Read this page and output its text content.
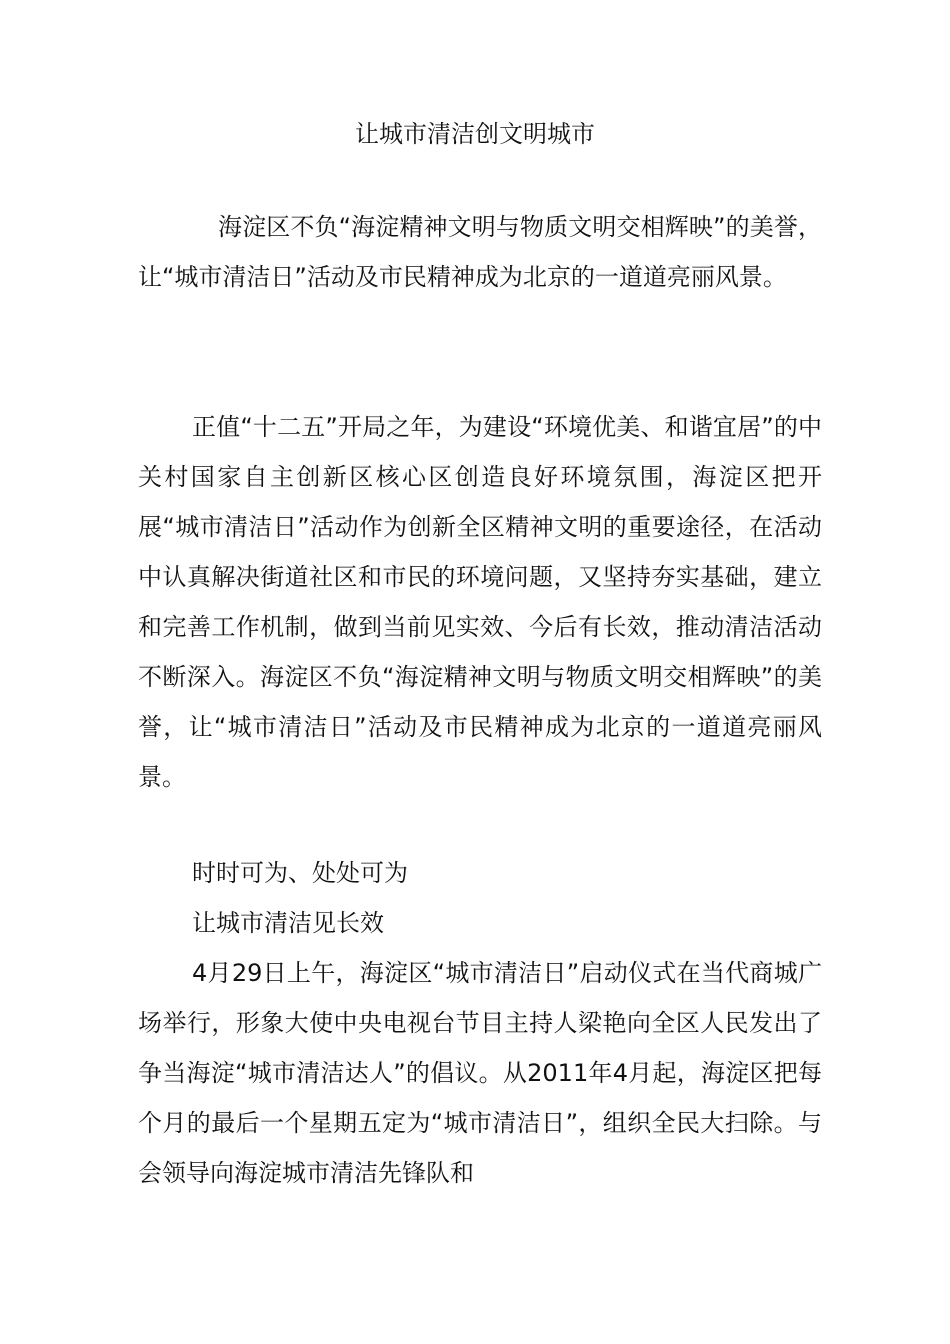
让城市清洁创文明城市

海淀区不负“海淀精神文明与物质文明交相辉映”的美誉，让“城市清洁日”活动及市民精神成为北京的一道道亮丽风景。

正值“十二五”开局之年，为建设“环境优美、和谐宜居”的中关村国家自主创新区核心区创造良好环境氛围，海淀区把开展“城市清洁日”活动作为创新全区精神文明的重要途径，在活动中认真解决街道社区和市民的环境问题，又坚持夯实基础，建立和完善工作机制，做到当前见实效、今后有长效，推动清洁活动不断深入。海淀区不负“海淀精神文明与物质文明交相辉映”的美誉，让“城市清洁日”活动及市民精神成为北京的一道道亮丽风景。

时时可为、处处可为

让城市清洁见长效

4月29日上午，海淀区“城市清洁日”启动仪式在当代商城广场举行，形象大使中央电视台节目主持人梁艳向全区人民发出了争当海淀“城市清洁达人”的倡议。从2011年4月起，海淀区把每个月的最后一个星期五定为“城市清洁日”，组织全民大扫除。与会领导向海淀城市清洁先锋队和
